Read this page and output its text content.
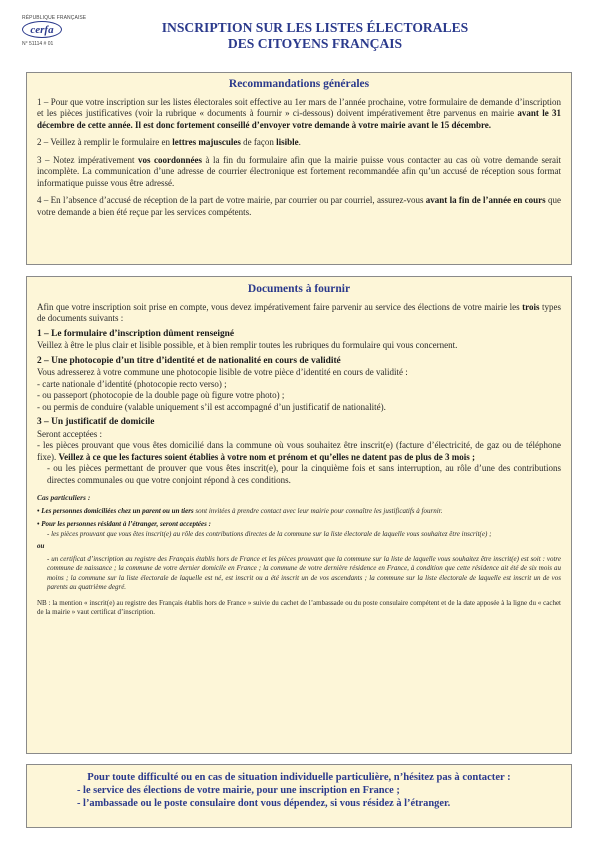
RÉPUBLIQUE FRANÇAISE
cerfa
N° 51114 # 01
INSCRIPTION SUR LES LISTES ÉLECTORALES
DES CITOYENS FRANÇAIS
Recommandations générales

1 – Pour que votre inscription sur les listes électorales soit effective au 1er mars de l’année prochaine, votre formulaire de demande d’inscription et les pièces justificatives (voir la rubrique « documents à fournir » ci-dessous) doivent impérativement être parvenus en mairie avant le 31 décembre de cette année. Il est donc fortement conseillé d’envoyer votre demande à votre mairie avant le 15 décembre.

2 – Veillez à remplir le formulaire en lettres majuscules de façon lisible.

3 – Notez impérativement vos coordonnées à la fin du formulaire afin que la mairie puisse vous contacter au cas où votre demande serait incomplète. La communication d’une adresse de courrier électronique est fortement recommandée afin qu’un accusé de réception sous format informatique puisse vous être adressé.

4 – En l’absence d’accusé de réception de la part de votre mairie, par courrier ou par courriel, assurez-vous avant la fin de l’année en cours que votre demande a bien été reçue par les services compétents.

Documents à fournir

Afin que votre inscription soit prise en compte, vous devez impérativement faire parvenir au service des élections de votre mairie les trois types de documents suivants :

1 – Le formulaire d’inscription dûment renseigné

Veillez à être le plus clair et lisible possible, et à bien remplir toutes les rubriques du formulaire qui vous concernent.

2 – Une photocopie d’un titre d’identité et de nationalité en cours de validité

Vous adresserez à votre commune une photocopie lisible de votre pièce d’identité en cours de validité :

- carte nationale d’identité (photocopie recto verso) ;

- ou passeport (photocopie de la double page où figure votre photo) ;

- ou permis de conduire (valable uniquement s’il est accompagné d’un justificatif de nationalité).

3 – Un justificatif de domicile

Seront acceptées :

- les pièces prouvant que vous êtes domicilié dans la commune où vous souhaitez être inscrit(e) (facture d’électricité, de gaz ou de téléphone fixe). Veillez à ce que les factures soient établies à votre nom et prénom et qu’elles ne datent pas de plus de 3 mois ;

- ou les pièces permettant de prouver que vous êtes inscrit(e), pour la cinquième fois et sans interruption, au rôle d’une des contributions directes communales ou que votre conjoint répond à ces conditions.

Cas particuliers :

• Les personnes domiciliées chez un parent ou un tiers sont invitées à prendre contact avec leur mairie pour connaître les justificatifs à fournir.

• Pour les personnes résidant à l’étranger, seront acceptées :

- les pièces prouvant que vous êtes inscrit(e) au rôle des contributions directes de la commune sur la liste électorale de laquelle vous souhaitez être inscrit(e) ;

ou

- un certificat d’inscription au registre des Français établis hors de France et les pièces prouvant que la commune sur la liste de laquelle vous souhaitez être inscrit(e) est soit : votre commune de naissance ; la commune de votre dernier domicile en France ; la commune de votre dernière résidence en France, à condition que cette résidence ait été de six mois au moins ; la commune sur la liste électorale de laquelle est né, est inscrit ou a été inscrit un de vos ascendants ; la commune sur la liste électorale de laquelle est inscrit un de vos parents au quatrième degré.

NB : la mention « inscrit(e) au registre des Français établis hors de France » suivie du cachet de l’ambassade ou du poste consulaire compétent et de la date apposée à la ligne du « cachet de la mairie » vaut certificat d’inscription.

Pour toute difficulté ou en cas de situation individuelle particulière, n’hésitez pas à contacter :
- le service des élections de votre mairie, pour une inscription en France ;
- l’ambassade ou le poste consulaire dont vous dépendez, si vous résidez à l’étranger.
